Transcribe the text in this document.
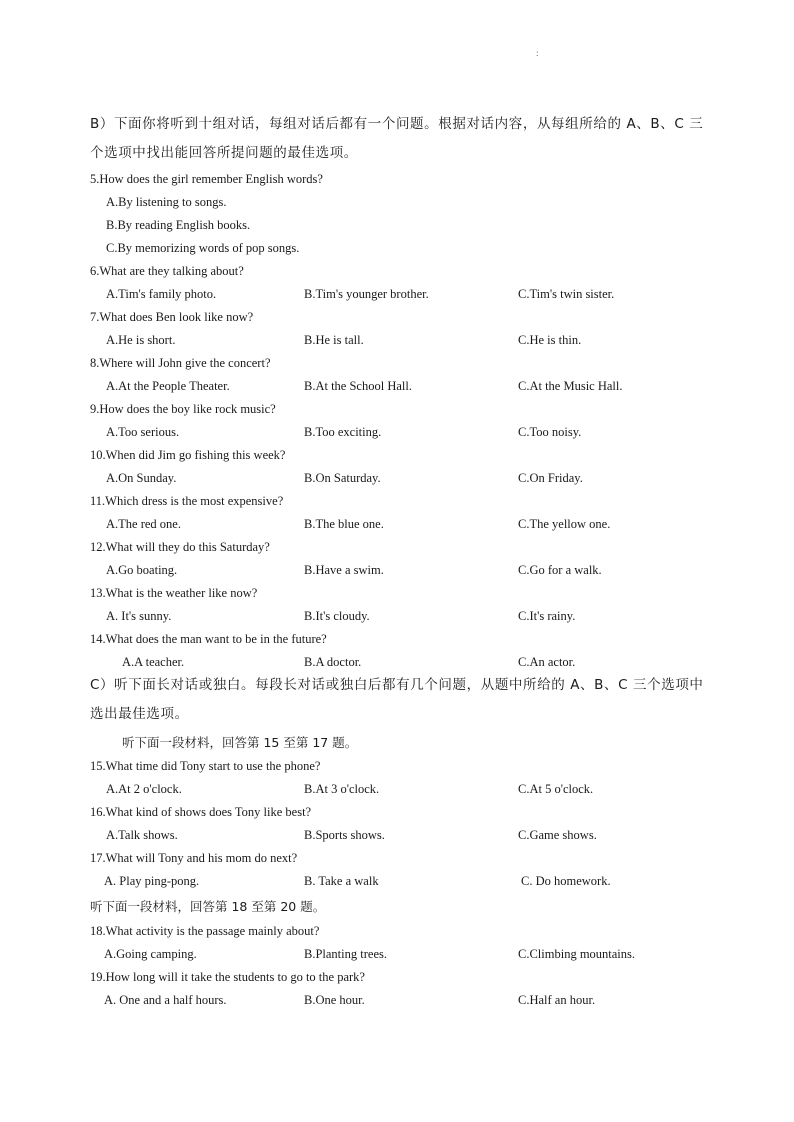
:
B）下面你将听到十组对话，每组对话后都有一个问题。根据对话内容，从每组所给的 A、B、C 三个选项中找出能回答所提问题的最佳选项。
5.How does the girl remember English words?
A.By listening to songs.
B.By reading English books.
C.By memorizing words of pop songs.
6.What are they talking about?
A.Tim's family photo.	B.Tim's younger brother.	C.Tim's twin sister.
7.What does Ben look like now?
A.He is short.	B.He is tall.	C.He is thin.
8.Where will John give the concert?
A.At the People Theater.	B.At the School Hall.	C.At the Music Hall.
9.How does the boy like rock music?
A.Too serious.	B.Too exciting.	C.Too noisy.
10.When did Jim go fishing this week?
A.On Sunday.	B.On Saturday.	C.On Friday.
11.Which dress is the most expensive?
A.The red one.	B.The blue one.	C.The yellow one.
12.What will they do this Saturday?
A.Go boating.	B.Have a swim.	C.Go for a walk.
13.What is the weather like now?
A. It's sunny.	B.It's cloudy.	C.It's rainy.
14.What does the man want to be in the future?
A.A teacher.	B.A doctor.	C.An actor.
C）听下面长对话或独白。每段长对话或独白后都有几个问题，从题中所给的 A、B、C 三个选项中选出最佳选项。
听下面一段材料，回答第 15 至第 17 题。
15.What time did Tony start to use the phone?
A.At 2 o'clock.	B.At 3 o'clock.	C.At 5 o'clock.
16.What kind of shows does Tony like best?
A.Talk shows.	B.Sports shows.	C.Game shows.
17.What will Tony and his mom do next?
A. Play ping-pong.	B. Take a walk	C. Do homework.
听下面一段材料，回答第 18 至第 20 题。
18.What activity is the passage mainly about?
A.Going camping.	B.Planting trees.	C.Climbing mountains.
19.How long will it take the students to go to the park?
A. One and a half hours.	B.One hour.	C.Half an hour.
